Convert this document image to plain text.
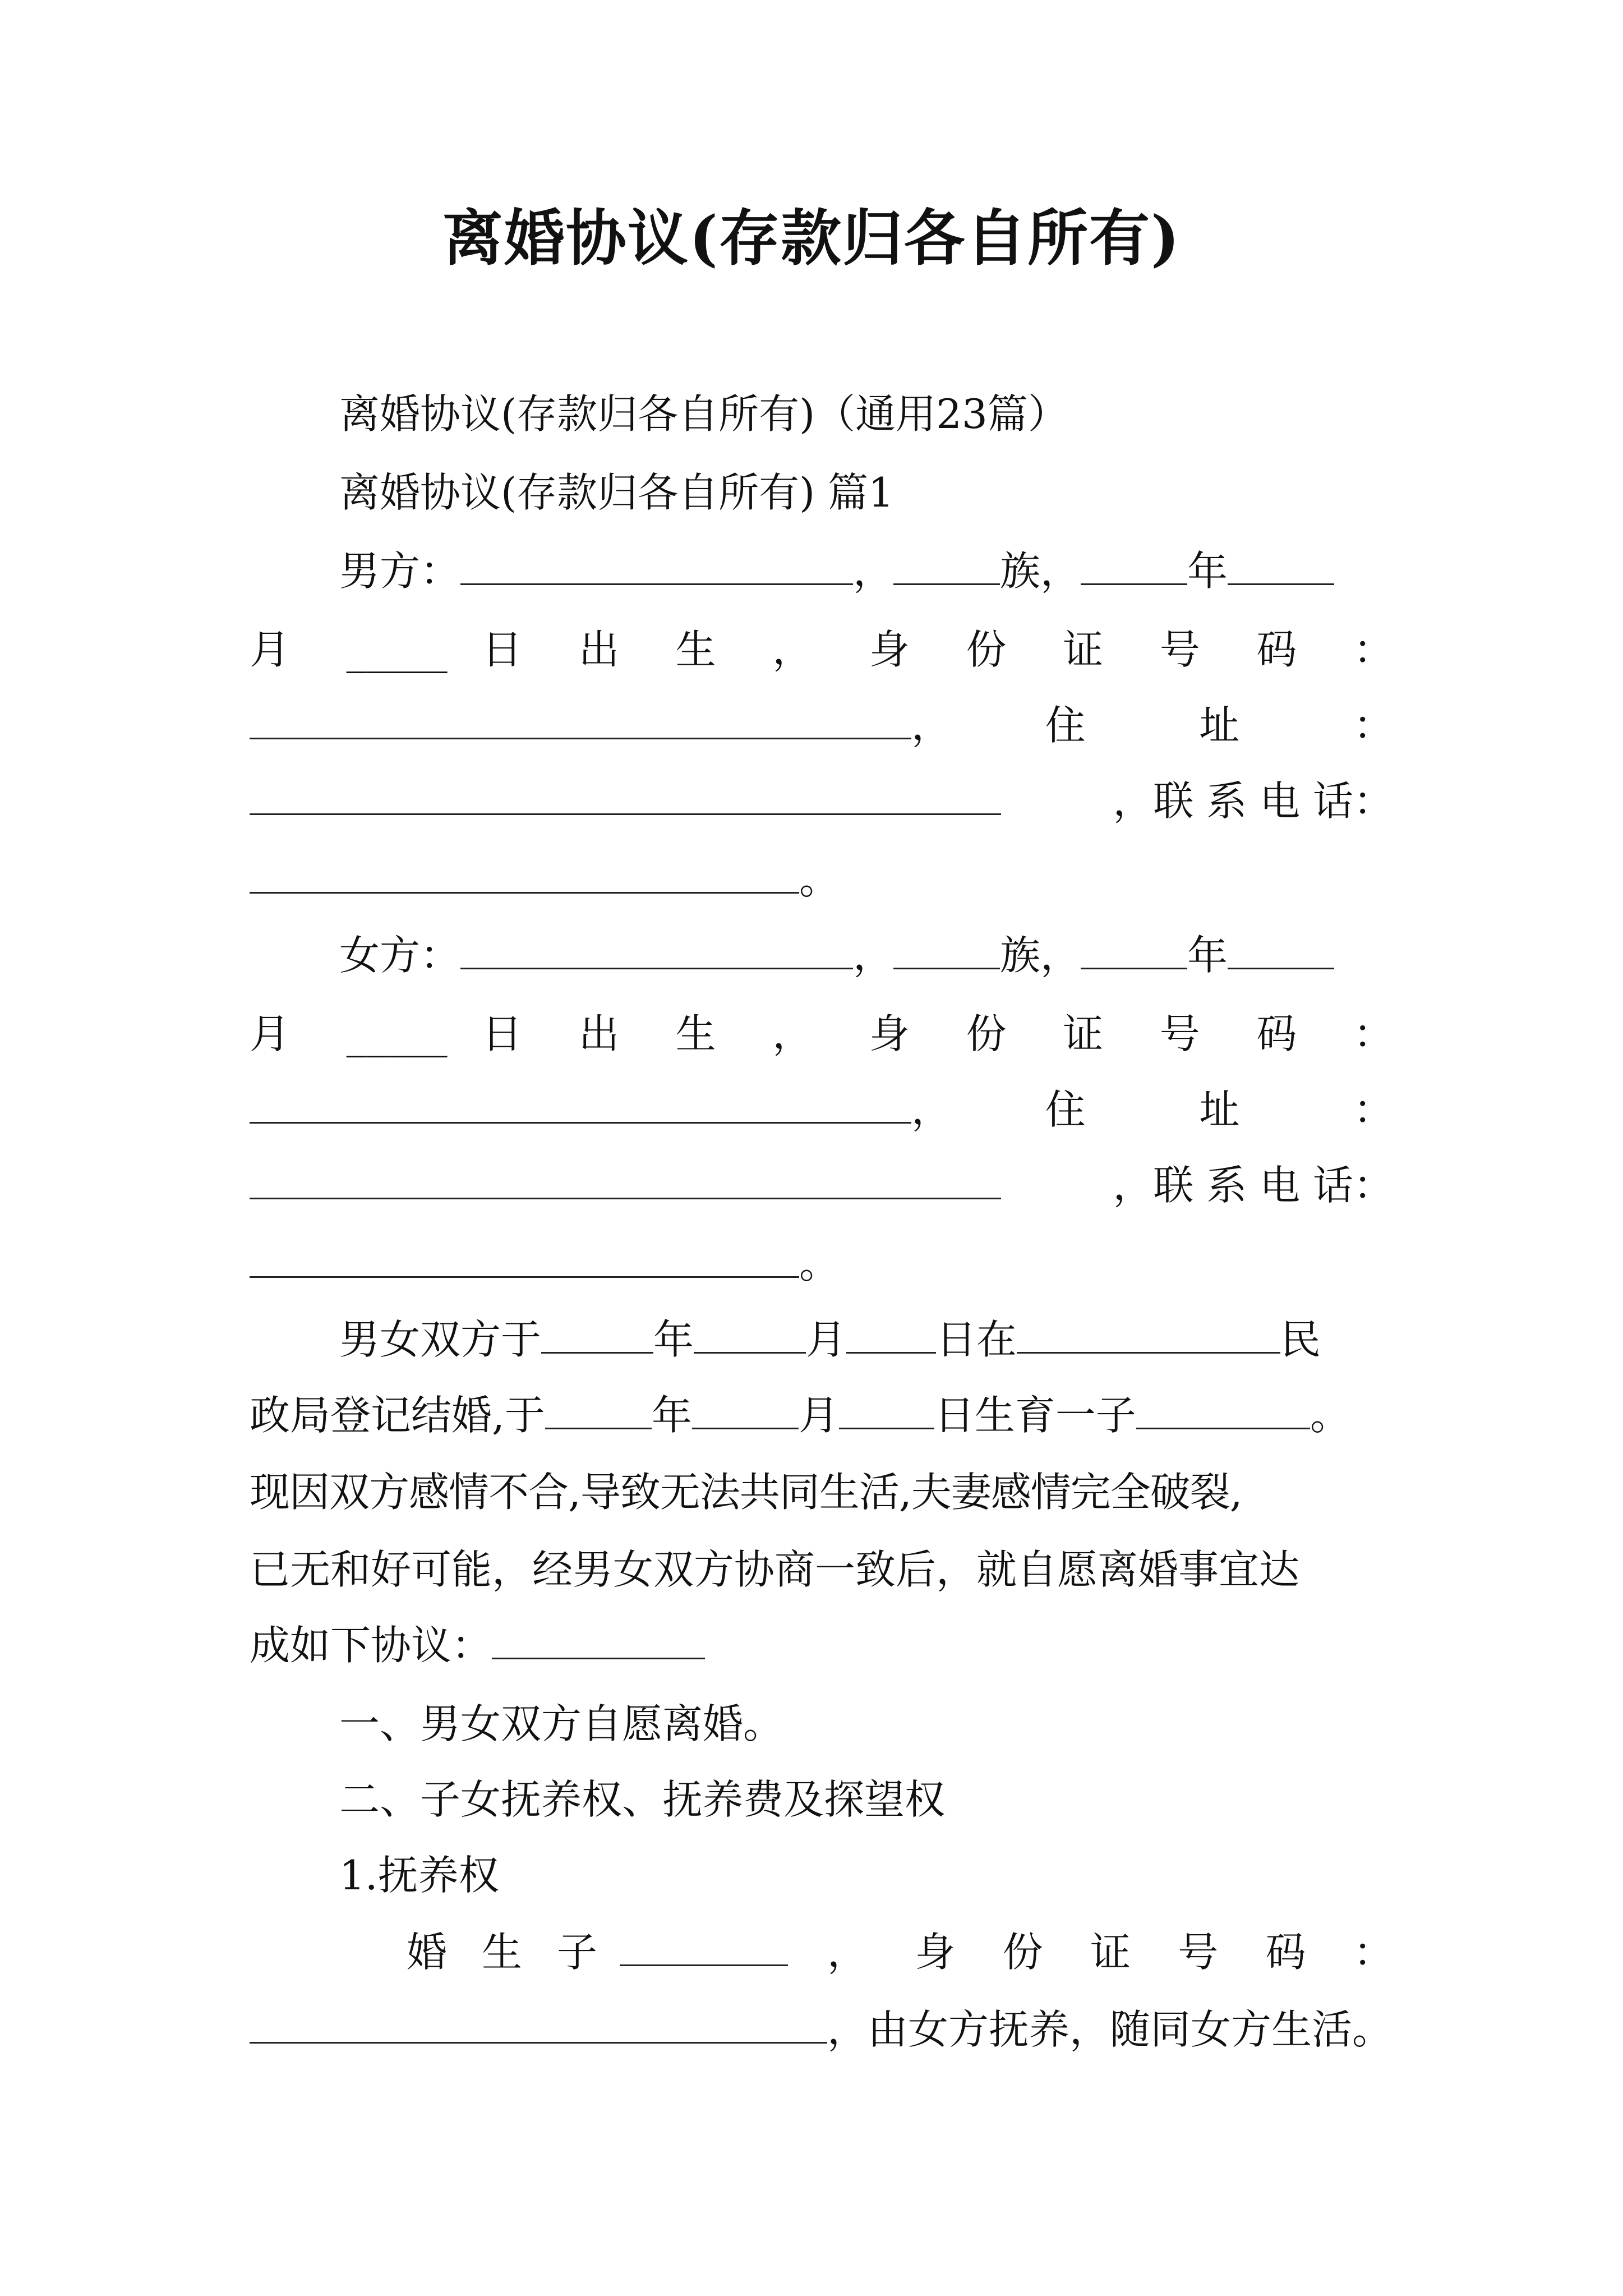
离婚协议(存款归各自所有)
离婚协议(存款归各自所有)（通用23篇）
离婚协议(存款归各自所有) 篇1
男方：	，	族，	年
月 _____ 日 出 生 ， 身 份 证 号 码 ：
，　住　址　：
，联 系 电 话：
。
女方：	，	族，	年
月 _____ 日 出 生 ， 身 份 证 号 码 ：
，　住　址　：
，联 系 电 话：
。
男女双方于	年	月 日在	民
政局登记结婚,于	年	月 日生育一子	。
现因双方感情不合,导致无法共同生活,夫妻感情完全破裂,
已无和好可能，经男女双方协商一致后，就自愿离婚事宜达
成如下协议：
一、男女双方自愿离婚。
二、子女抚养权、抚养费及探望权
1.抚养权
婚 生 子	， 身 份 证 号 码 ：
，由女方抚养，随同女方生活。
